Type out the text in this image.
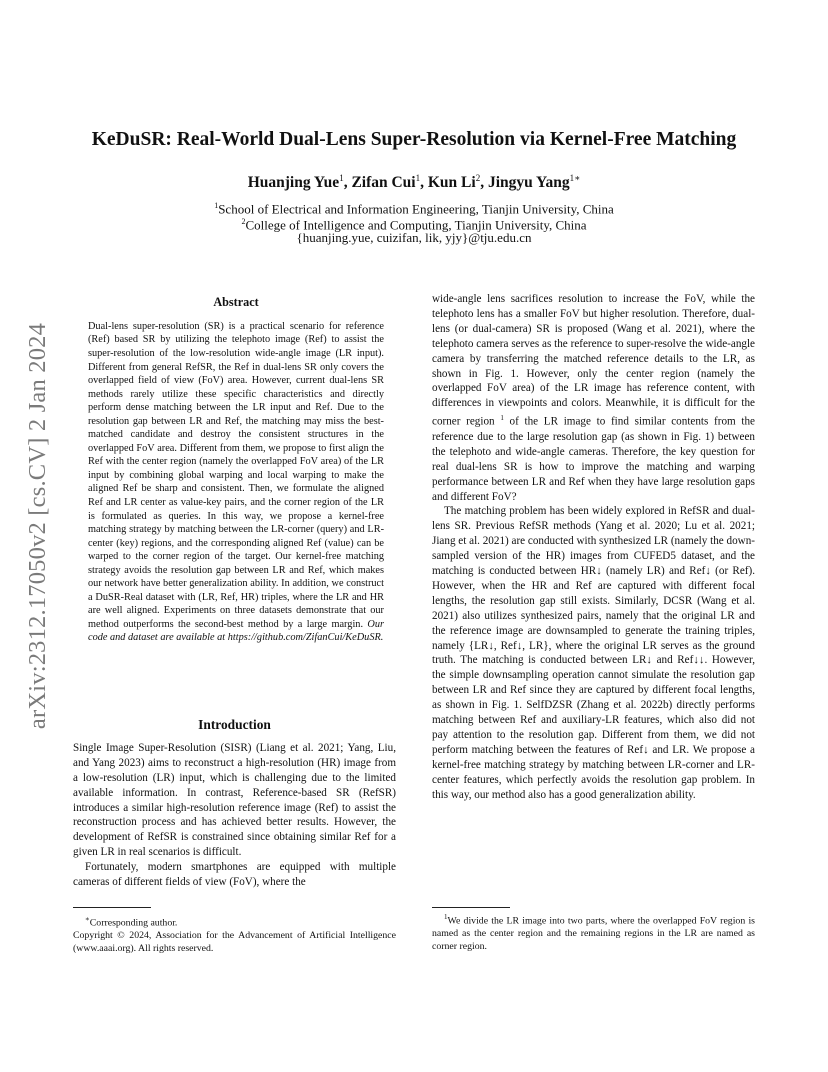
arXiv:2312.17050v2 [cs.CV] 2 Jan 2024
KeDuSR: Real-World Dual-Lens Super-Resolution via Kernel-Free Matching
Huanjing Yue$^1$, Zifan Cui$^1$, Kun Li$^2$, Jingyu Yang$^{1∗}$
$^1$School of Electrical and Information Engineering, Tianjin University, China
$^2$College of Intelligence and Computing, Tianjin University, China
{huanjing.yue, cuizifan, lik, yjy}@tju.edu.cn

Abstract

Dual-lens super-resolution (SR) is a practical scenario for reference (Ref) based SR by utilizing the telephoto image (Ref) to assist the super-resolution of the low-resolution wide-angle image (LR input). Different from general RefSR, the Ref in dual-lens SR only covers the overlapped field of view (FoV) area. However, current dual-lens SR methods rarely utilize these specific characteristics and directly perform dense matching between the LR input and Ref. Due to the resolution gap between LR and Ref, the matching may miss the best-matched candidate and destroy the consistent structures in the overlapped FoV area. Different from them, we propose to first align the Ref with the center region (namely the overlapped FoV area) of the LR input by combining global warping and local warping to make the aligned Ref be sharp and consistent. Then, we formulate the aligned Ref and LR center as value-key pairs, and the corner region of the LR is formulated as queries. In this way, we propose a kernel-free matching strategy by matching between the LR-corner (query) and LR-center (key) regions, and the corresponding aligned Ref (value) can be warped to the corner region of the target. Our kernel-free matching strategy avoids the resolution gap between LR and Ref, which makes our network have better generalization ability. In addition, we construct a DuSR-Real dataset with (LR, Ref, HR) triples, where the LR and HR are well aligned. Experiments on three datasets demonstrate that our method outperforms the second-best method by a large margin. Our code and dataset are available at https://github.com/ZifanCui/KeDuSR.

Introduction

Single Image Super-Resolution (SISR) (Liang et al. 2021; Yang, Liu, and Yang 2023) aims to reconstruct a high-resolution (HR) image from a low-resolution (LR) input, which is challenging due to the limited available information. In contrast, Reference-based SR (RefSR) introduces a similar high-resolution reference image (Ref) to assist the reconstruction process and has achieved better results. However, the development of RefSR is constrained since obtaining similar Ref for a given LR in real scenarios is difficult.

Fortunately, modern smartphones are equipped with multiple cameras of different fields of view (FoV), where the

∗Corresponding author.
Copyright © 2024, Association for the Advancement of Artificial Intelligence (www.aaai.org). All rights reserved.

wide-angle lens sacrifices resolution to increase the FoV, while the telephoto lens has a smaller FoV but higher resolution. Therefore, dual-lens (or dual-camera) SR is proposed (Wang et al. 2021), where the telephoto camera serves as the reference to super-resolve the wide-angle camera by transferring the matched reference details to the LR, as shown in Fig. 1. However, only the center region (namely the overlapped FoV area) of the LR image has reference content, with differences in viewpoints and colors. Meanwhile, it is difficult for the corner region $^1$ of the LR image to find similar contents from the reference due to the large resolution gap (as shown in Fig. 1) between the telephoto and wide-angle cameras. Therefore, the key question for real dual-lens SR is how to improve the matching and warping performance between LR and Ref when they have large resolution gaps and different FoV?

The matching problem has been widely explored in RefSR and dual-lens SR. Previous RefSR methods (Yang et al. 2020; Lu et al. 2021; Jiang et al. 2021) are conducted with synthesized LR (namely the down-sampled version of the HR) images from CUFED5 dataset, and the matching is conducted between HR↓ (namely LR) and Ref↓ (or Ref). However, when the HR and Ref are captured with different focal lengths, the resolution gap still exists. Similarly, DCSR (Wang et al. 2021) also utilizes synthesized pairs, namely that the original LR and the reference image are downsampled to generate the training triples, namely {LR↓, Ref↓, LR}, where the original LR serves as the ground truth. The matching is conducted between LR↓ and Ref↓↓. However, the simple downsampling operation cannot simulate the resolution gap between LR and Ref since they are captured by different focal lengths, as shown in Fig. 1. SelfDZSR (Zhang et al. 2022b) directly performs matching between Ref and auxiliary-LR features, which also did not pay attention to the resolution gap. Different from them, we did not perform matching between the features of Ref↓ and LR. We propose a kernel-free matching strategy by matching between LR-corner and LR-center features, which perfectly avoids the resolution gap problem. In this way, our method also has a good generalization ability.

$^1$We divide the LR image into two parts, where the overlapped FoV region is named as the center region and the remaining regions in the LR are named as corner region.
